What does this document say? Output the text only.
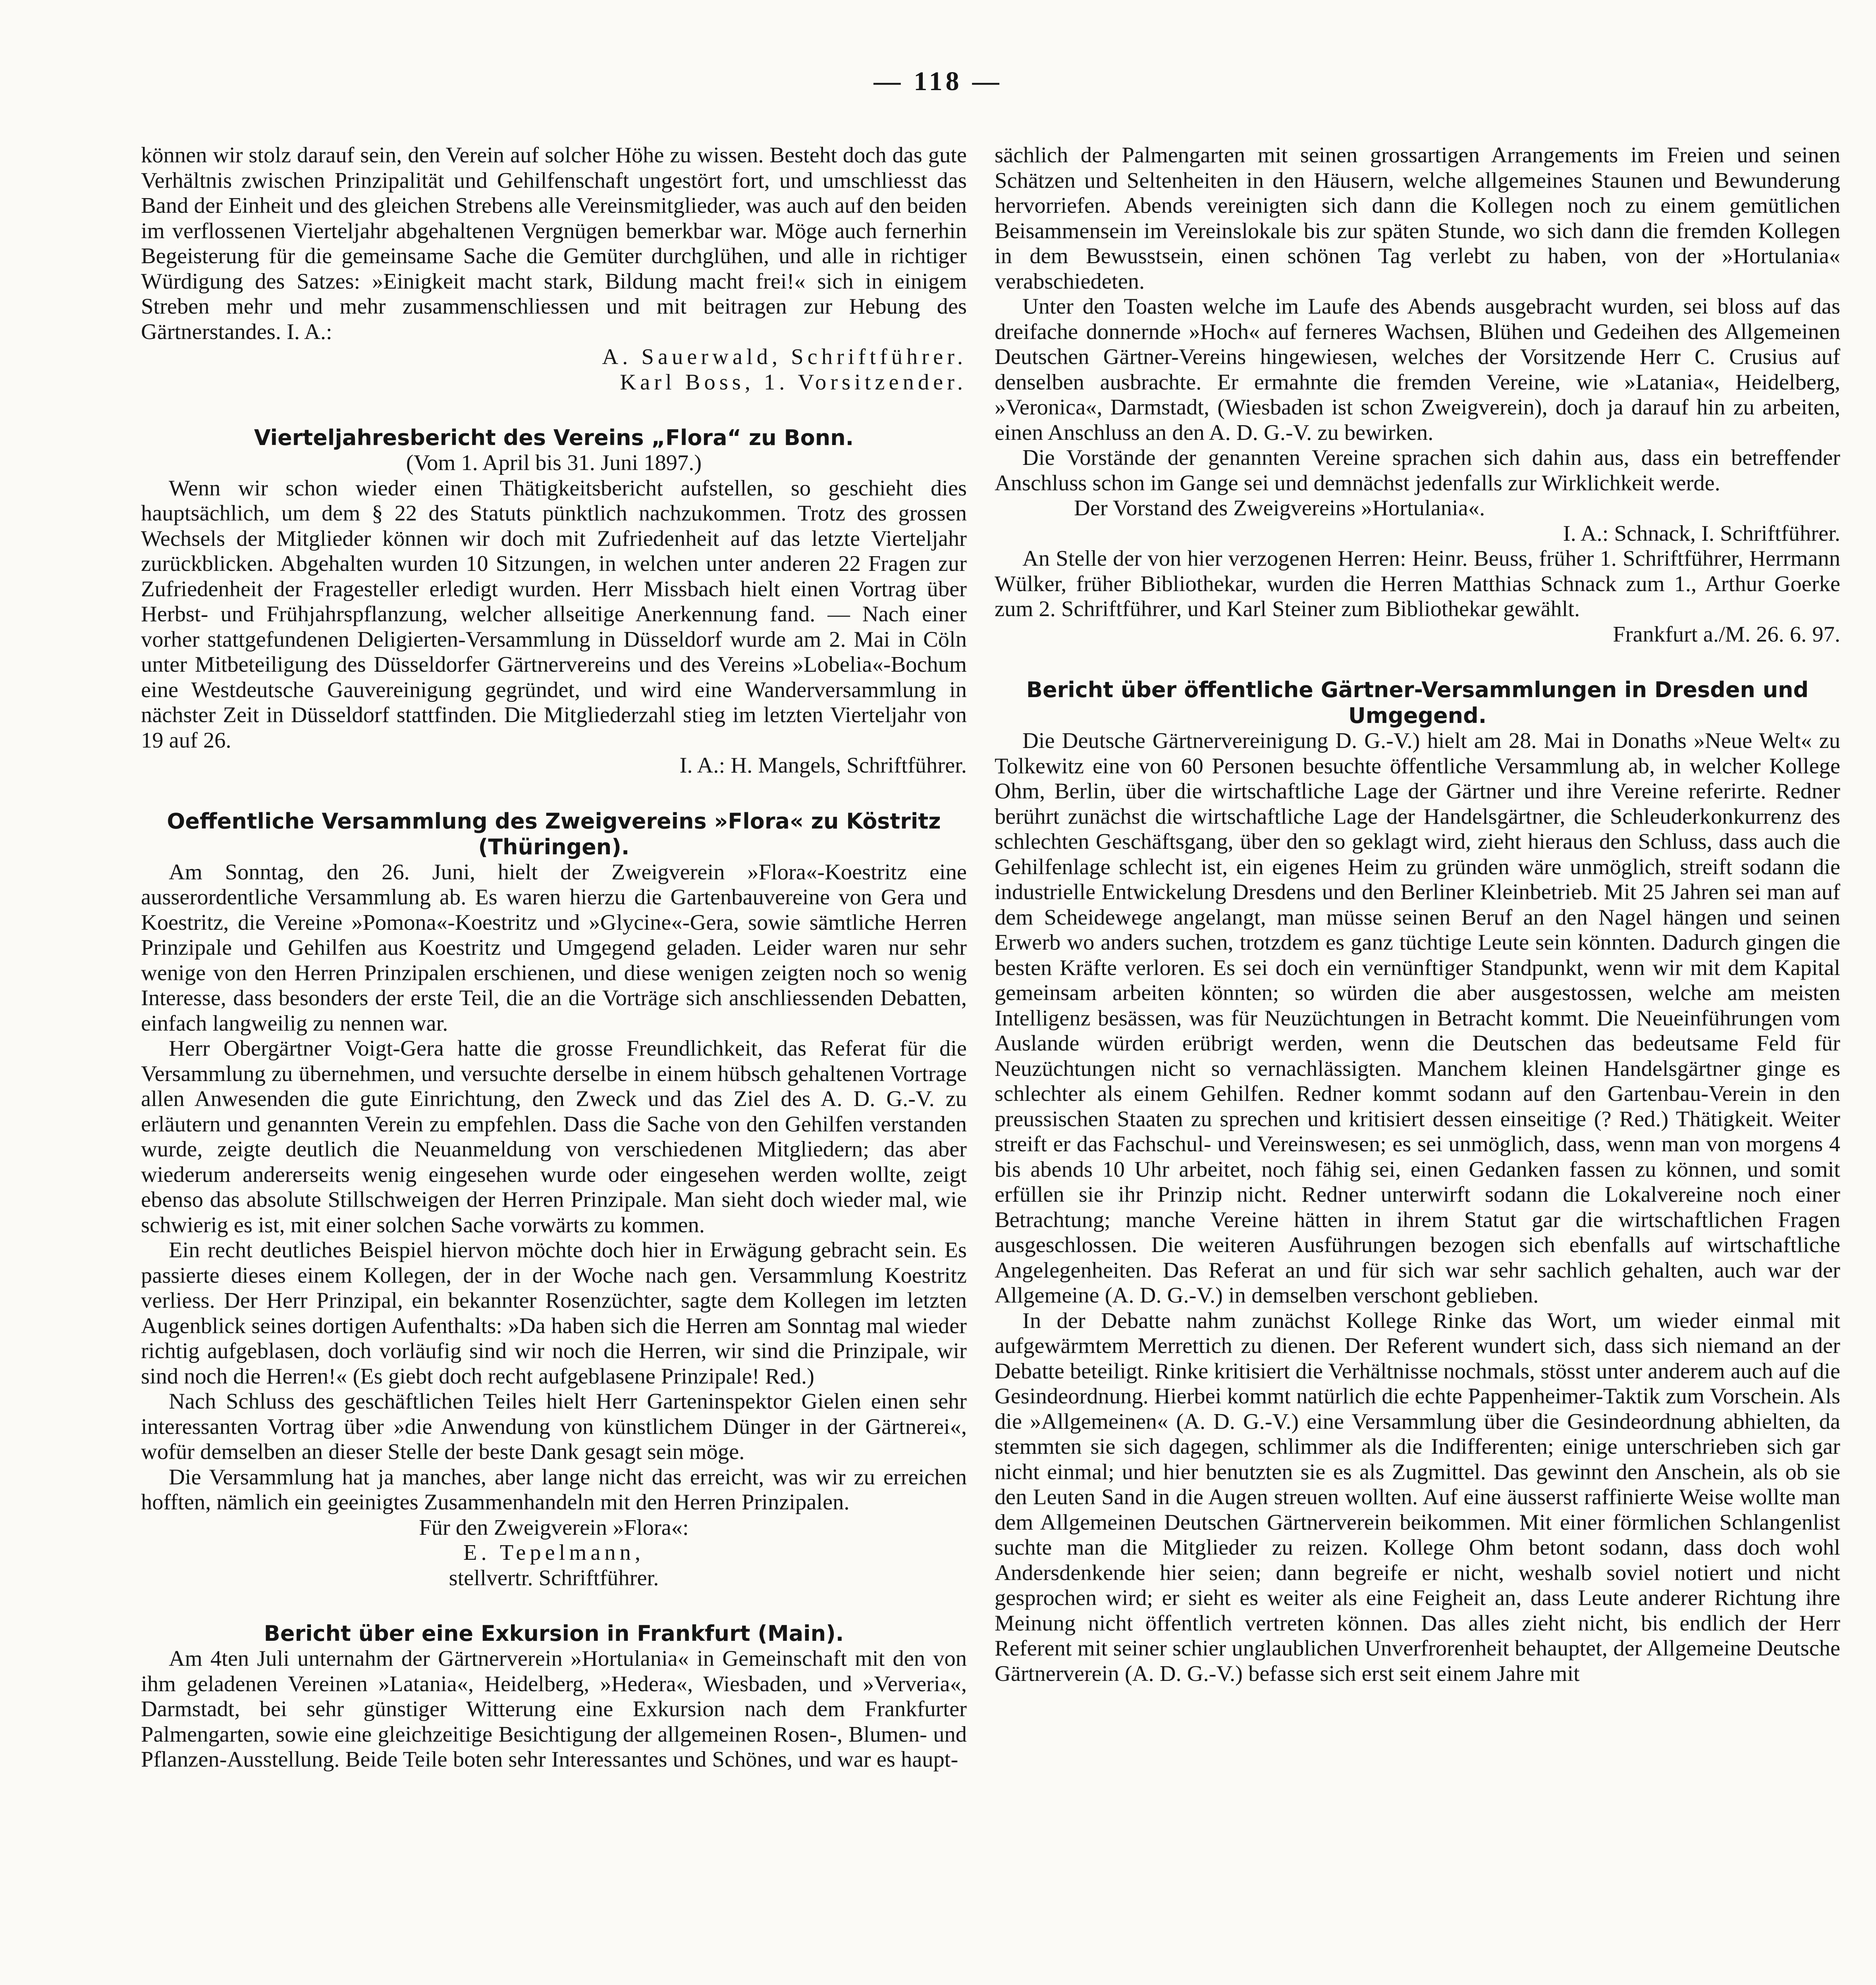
— 118 —

können wir stolz darauf sein, den Verein auf solcher Höhe zu wissen. Besteht doch das gute Verhältnis zwischen Prinzipalität und Gehilfenschaft ungestört fort, und umschliesst das Band der Einheit und des gleichen Strebens alle Vereinsmitglieder, was auch auf den beiden im verflossenen Vierteljahr abgehaltenen Vergnügen bemerkbar war. Möge auch fernerhin Begeisterung für die gemeinsame Sache die Gemüter durchglühen, und alle in richtiger Würdigung des Satzes: »Einigkeit macht stark, Bildung macht frei!« sich in einigem Streben mehr und mehr zusammenschliessen und mit beitragen zur Hebung des Gärtnerstandes. I. A.:

A. Sauerwald, Schriftführer.

Karl Boss, 1. Vorsitzender.

Vierteljahresbericht des Vereins „Flora“ zu Bonn.

(Vom 1. April bis 31. Juni 1897.)

Wenn wir schon wieder einen Thätigkeitsbericht aufstellen, so geschieht dies hauptsächlich, um dem § 22 des Statuts pünktlich nachzukommen. Trotz des grossen Wechsels der Mitglieder können wir doch mit Zufriedenheit auf das letzte Vierteljahr zurückblicken. Abgehalten wurden 10 Sitzungen, in welchen unter anderen 22 Fragen zur Zufriedenheit der Fragesteller erledigt wurden. Herr Missbach hielt einen Vortrag über Herbst- und Frühjahrspflanzung, welcher allseitige Anerkennung fand. — Nach einer vorher stattgefundenen Deligierten-Versammlung in Düsseldorf wurde am 2. Mai in Cöln unter Mitbeteiligung des Düsseldorfer Gärtnervereins und des Vereins »Lobelia«-Bochum eine Westdeutsche Gauvereinigung gegründet, und wird eine Wanderversammlung in nächster Zeit in Düsseldorf stattfinden. Die Mitgliederzahl stieg im letzten Vierteljahr von 19 auf 26.

I. A.: H. Mangels, Schriftführer.

Oeffentliche Versammlung des Zweigvereins »Flora« zu Köstritz (Thüringen).

Am Sonntag, den 26. Juni, hielt der Zweigverein »Flora«-Koestritz eine ausserordentliche Versammlung ab. Es waren hierzu die Gartenbauvereine von Gera und Koestritz, die Vereine »Pomona«-Koestritz und »Glycine«-Gera, sowie sämtliche Herren Prinzipale und Gehilfen aus Koestritz und Umgegend geladen. Leider waren nur sehr wenige von den Herren Prinzipalen erschienen, und diese wenigen zeigten noch so wenig Interesse, dass besonders der erste Teil, die an die Vorträge sich anschliessenden Debatten, einfach langweilig zu nennen war.

Herr Obergärtner Voigt-Gera hatte die grosse Freundlichkeit, das Referat für die Versammlung zu übernehmen, und versuchte derselbe in einem hübsch gehaltenen Vortrage allen Anwesenden die gute Einrichtung, den Zweck und das Ziel des A. D. G.-V. zu erläutern und genannten Verein zu empfehlen. Dass die Sache von den Gehilfen verstanden wurde, zeigte deutlich die Neuanmeldung von verschiedenen Mitgliedern; das aber wiederum andererseits wenig eingesehen wurde oder eingesehen werden wollte, zeigt ebenso das absolute Stillschweigen der Herren Prinzipale. Man sieht doch wieder mal, wie schwierig es ist, mit einer solchen Sache vorwärts zu kommen.

Ein recht deutliches Beispiel hiervon möchte doch hier in Erwägung gebracht sein. Es passierte dieses einem Kollegen, der in der Woche nach gen. Versammlung Koestritz verliess. Der Herr Prinzipal, ein bekannter Rosenzüchter, sagte dem Kollegen im letzten Augenblick seines dortigen Aufenthalts: »Da haben sich die Herren am Sonntag mal wieder richtig aufgeblasen, doch vorläufig sind wir noch die Herren, wir sind die Prinzipale, wir sind noch die Herren!« (Es giebt doch recht aufgeblasene Prinzipale! Red.)

Nach Schluss des geschäftlichen Teiles hielt Herr Garteninspektor Gielen einen sehr interessanten Vortrag über »die Anwendung von künstlichem Dünger in der Gärtnerei«, wofür demselben an dieser Stelle der beste Dank gesagt sein möge.

Die Versammlung hat ja manches, aber lange nicht das erreicht, was wir zu erreichen hofften, nämlich ein geeinigtes Zusammenhandeln mit den Herren Prinzipalen.

Für den Zweigverein »Flora«:

E. Tepelmann,

stellvertr. Schriftführer.

Bericht über eine Exkursion in Frankfurt (Main).

Am 4ten Juli unternahm der Gärtnerverein »Hortulania« in Gemeinschaft mit den von ihm geladenen Vereinen »Latania«, Heidelberg, »Hedera«, Wiesbaden, und »Ververia«, Darmstadt, bei sehr günstiger Witterung eine Exkursion nach dem Frankfurter Palmengarten, sowie eine gleichzeitige Besichtigung der allgemeinen Rosen-, Blumen- und Pflanzen-Ausstellung. Beide Teile boten sehr Interessantes und Schönes, und war es haupt-

sächlich der Palmengarten mit seinen grossartigen Arrangements im Freien und seinen Schätzen und Seltenheiten in den Häusern, welche allgemeines Staunen und Bewunderung hervorriefen. Abends vereinigten sich dann die Kollegen noch zu einem gemütlichen Beisammensein im Vereinslokale bis zur späten Stunde, wo sich dann die fremden Kollegen in dem Bewusstsein, einen schönen Tag verlebt zu haben, von der »Hortulania« verabschiedeten.

Unter den Toasten welche im Laufe des Abends ausgebracht wurden, sei bloss auf das dreifache donnernde »Hoch« auf ferneres Wachsen, Blühen und Gedeihen des Allgemeinen Deutschen Gärtner-Vereins hingewiesen, welches der Vorsitzende Herr C. Crusius auf denselben ausbrachte. Er ermahnte die fremden Vereine, wie »Latania«, Heidelberg, »Veronica«, Darmstadt, (Wiesbaden ist schon Zweigverein), doch ja darauf hin zu arbeiten, einen Anschluss an den A. D. G.-V. zu bewirken.

Die Vorstände der genannten Vereine sprachen sich dahin aus, dass ein betreffender Anschluss schon im Gange sei und demnächst jedenfalls zur Wirklichkeit werde.

Der Vorstand des Zweigvereins »Hortulania«.

I. A.: Schnack, I. Schriftführer.

An Stelle der von hier verzogenen Herren: Heinr. Beuss, früher 1. Schriftführer, Herrmann Wülker, früher Bibliothekar, wurden die Herren Matthias Schnack zum 1., Arthur Goerke zum 2. Schriftführer, und Karl Steiner zum Bibliothekar gewählt.

Frankfurt a./M. 26. 6. 97.

Bericht über öffentliche Gärtner-Versammlungen in Dresden und Umgegend.

Die Deutsche Gärtnervereinigung D. G.-V.) hielt am 28. Mai in Donaths »Neue Welt« zu Tolkewitz eine von 60 Personen besuchte öffentliche Versammlung ab, in welcher Kollege Ohm, Berlin, über die wirtschaftliche Lage der Gärtner und ihre Vereine referirte. Redner berührt zunächst die wirtschaftliche Lage der Handelsgärtner, die Schleuderkonkurrenz des schlechten Geschäftsgang, über den so geklagt wird, zieht hieraus den Schluss, dass auch die Gehilfenlage schlecht ist, ein eigenes Heim zu gründen wäre unmöglich, streift sodann die industrielle Entwickelung Dresdens und den Berliner Kleinbetrieb. Mit 25 Jahren sei man auf dem Scheidewege angelangt, man müsse seinen Beruf an den Nagel hängen und seinen Erwerb wo anders suchen, trotzdem es ganz tüchtige Leute sein könnten. Dadurch gingen die besten Kräfte verloren. Es sei doch ein vernünftiger Standpunkt, wenn wir mit dem Kapital gemeinsam arbeiten könnten; so würden die aber ausgestossen, welche am meisten Intelligenz besässen, was für Neuzüchtungen in Betracht kommt. Die Neueinführungen vom Auslande würden erübrigt werden, wenn die Deutschen das bedeutsame Feld für Neuzüchtungen nicht so vernachlässigten. Manchem kleinen Handelsgärtner ginge es schlechter als einem Gehilfen. Redner kommt sodann auf den Gartenbau-Verein in den preussischen Staaten zu sprechen und kritisiert dessen einseitige (? Red.) Thätigkeit. Weiter streift er das Fachschul- und Vereinswesen; es sei unmöglich, dass, wenn man von morgens 4 bis abends 10 Uhr arbeitet, noch fähig sei, einen Gedanken fassen zu können, und somit erfüllen sie ihr Prinzip nicht. Redner unterwirft sodann die Lokalvereine noch einer Betrachtung; manche Vereine hätten in ihrem Statut gar die wirtschaftlichen Fragen ausgeschlossen. Die weiteren Ausführungen bezogen sich ebenfalls auf wirtschaftliche Angelegenheiten. Das Referat an und für sich war sehr sachlich gehalten, auch war der Allgemeine (A. D. G.-V.) in demselben verschont geblieben.

In der Debatte nahm zunächst Kollege Rinke das Wort, um wieder einmal mit aufgewärmtem Merrettich zu dienen. Der Referent wundert sich, dass sich niemand an der Debatte beteiligt. Rinke kritisiert die Verhältnisse nochmals, stösst unter anderem auch auf die Gesindeordnung. Hierbei kommt natürlich die echte Pappenheimer-Taktik zum Vorschein. Als die »Allgemeinen« (A. D. G.-V.) eine Versammlung über die Gesindeordnung abhielten, da stemmten sie sich dagegen, schlimmer als die Indifferenten; einige unterschrieben sich gar nicht einmal; und hier benutzten sie es als Zugmittel. Das gewinnt den Anschein, als ob sie den Leuten Sand in die Augen streuen wollten. Auf eine äusserst raffinierte Weise wollte man dem Allgemeinen Deutschen Gärtnerverein beikommen. Mit einer förmlichen Schlangenlist suchte man die Mitglieder zu reizen. Kollege Ohm betont sodann, dass doch wohl Andersdenkende hier seien; dann begreife er nicht, weshalb soviel notiert und nicht gesprochen wird; er sieht es weiter als eine Feigheit an, dass Leute anderer Richtung ihre Meinung nicht öffentlich vertreten können. Das alles zieht nicht, bis endlich der Herr Referent mit seiner schier unglaublichen Unverfrorenheit behauptet, der Allgemeine Deutsche Gärtnerverein (A. D. G.-V.) befasse sich erst seit einem Jahre mit
